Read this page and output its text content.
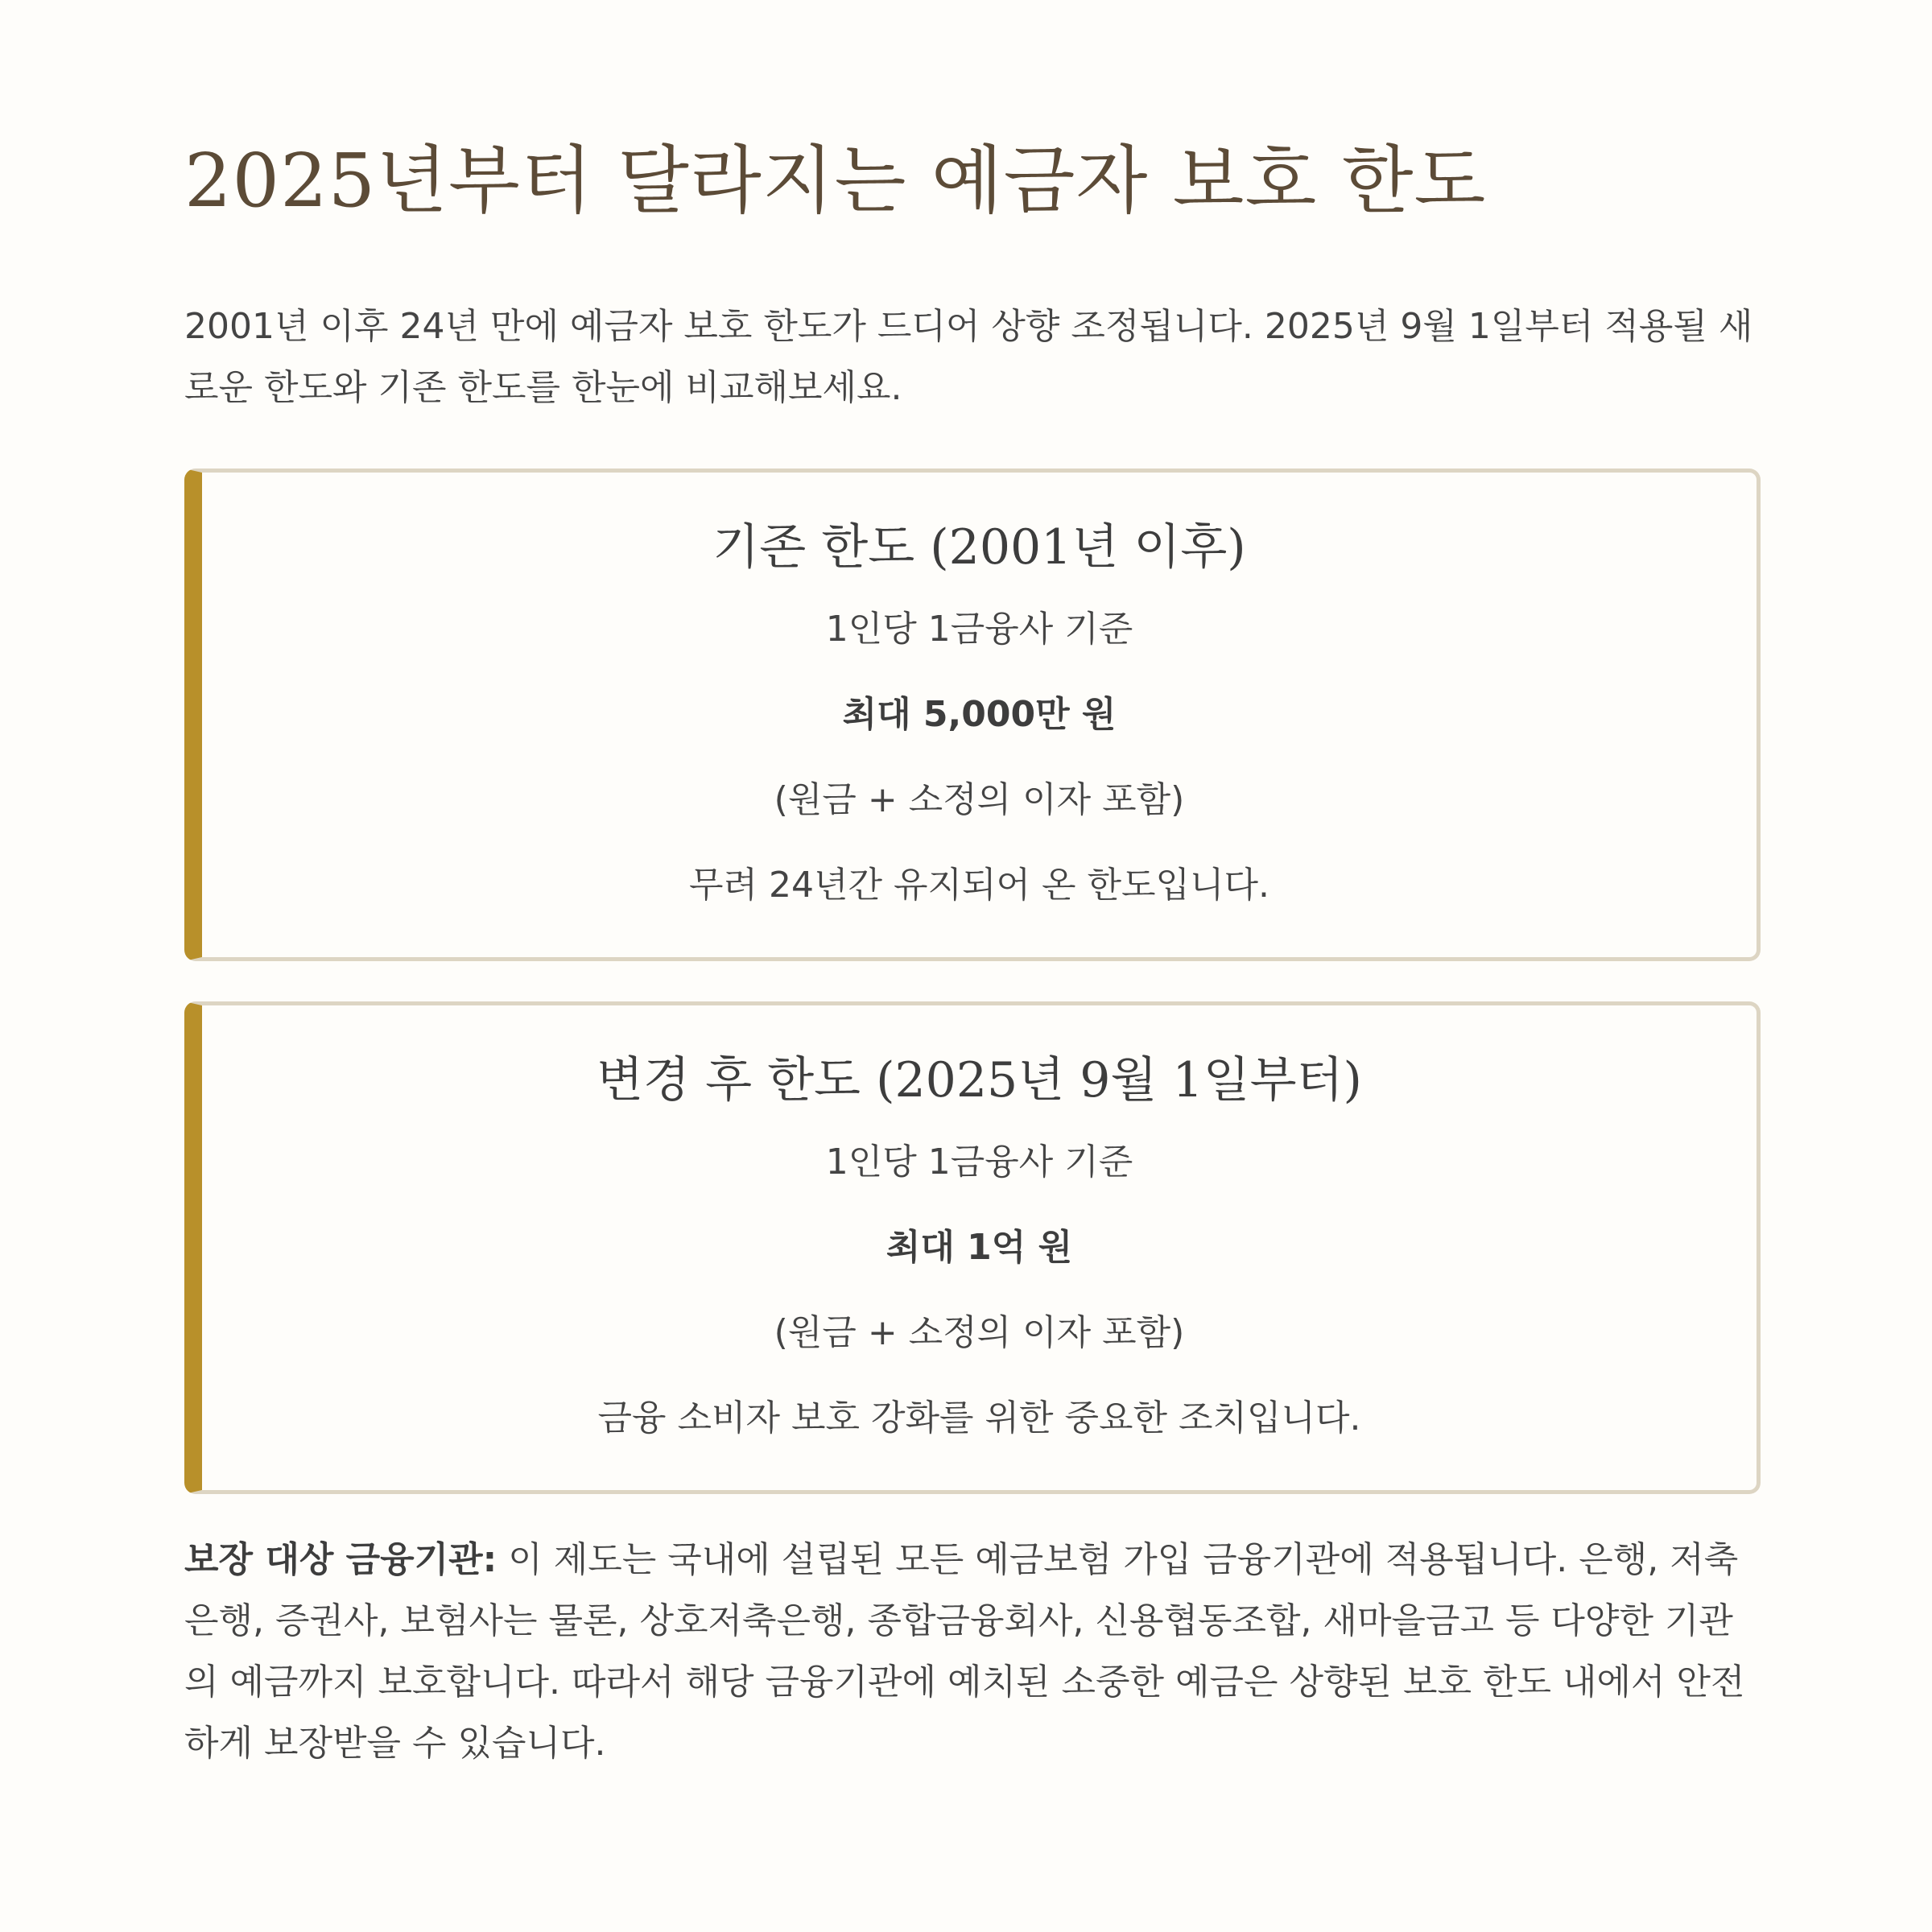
2025년부터 달라지는 예금자 보호 한도

2001년 이후 24년 만에 예금자 보호 한도가 드디어 상향 조정됩니다. 2025년 9월 1일부터 적용될 새로운 한도와 기존 한도를 한눈에 비교해보세요.

기존 한도 (2001년 이후)

1인당 1금융사 기준

최대 5,000만 원

(원금 + 소정의 이자 포함)

무려 24년간 유지되어 온 한도입니다.

변경 후 한도 (2025년 9월 1일부터)

1인당 1금융사 기준

최대 1억 원

(원금 + 소정의 이자 포함)

금융 소비자 보호 강화를 위한 중요한 조치입니다.

보장 대상 금융기관: 이 제도는 국내에 설립된 모든 예금보험 가입 금융기관에 적용됩니다. 은행, 저축은행, 증권사, 보험사는 물론, 상호저축은행, 종합금융회사, 신용협동조합, 새마을금고 등 다양한 기관의 예금까지 보호합니다. 따라서 해당 금융기관에 예치된 소중한 예금은 상향된 보호 한도 내에서 안전하게 보장받을 수 있습니다.
